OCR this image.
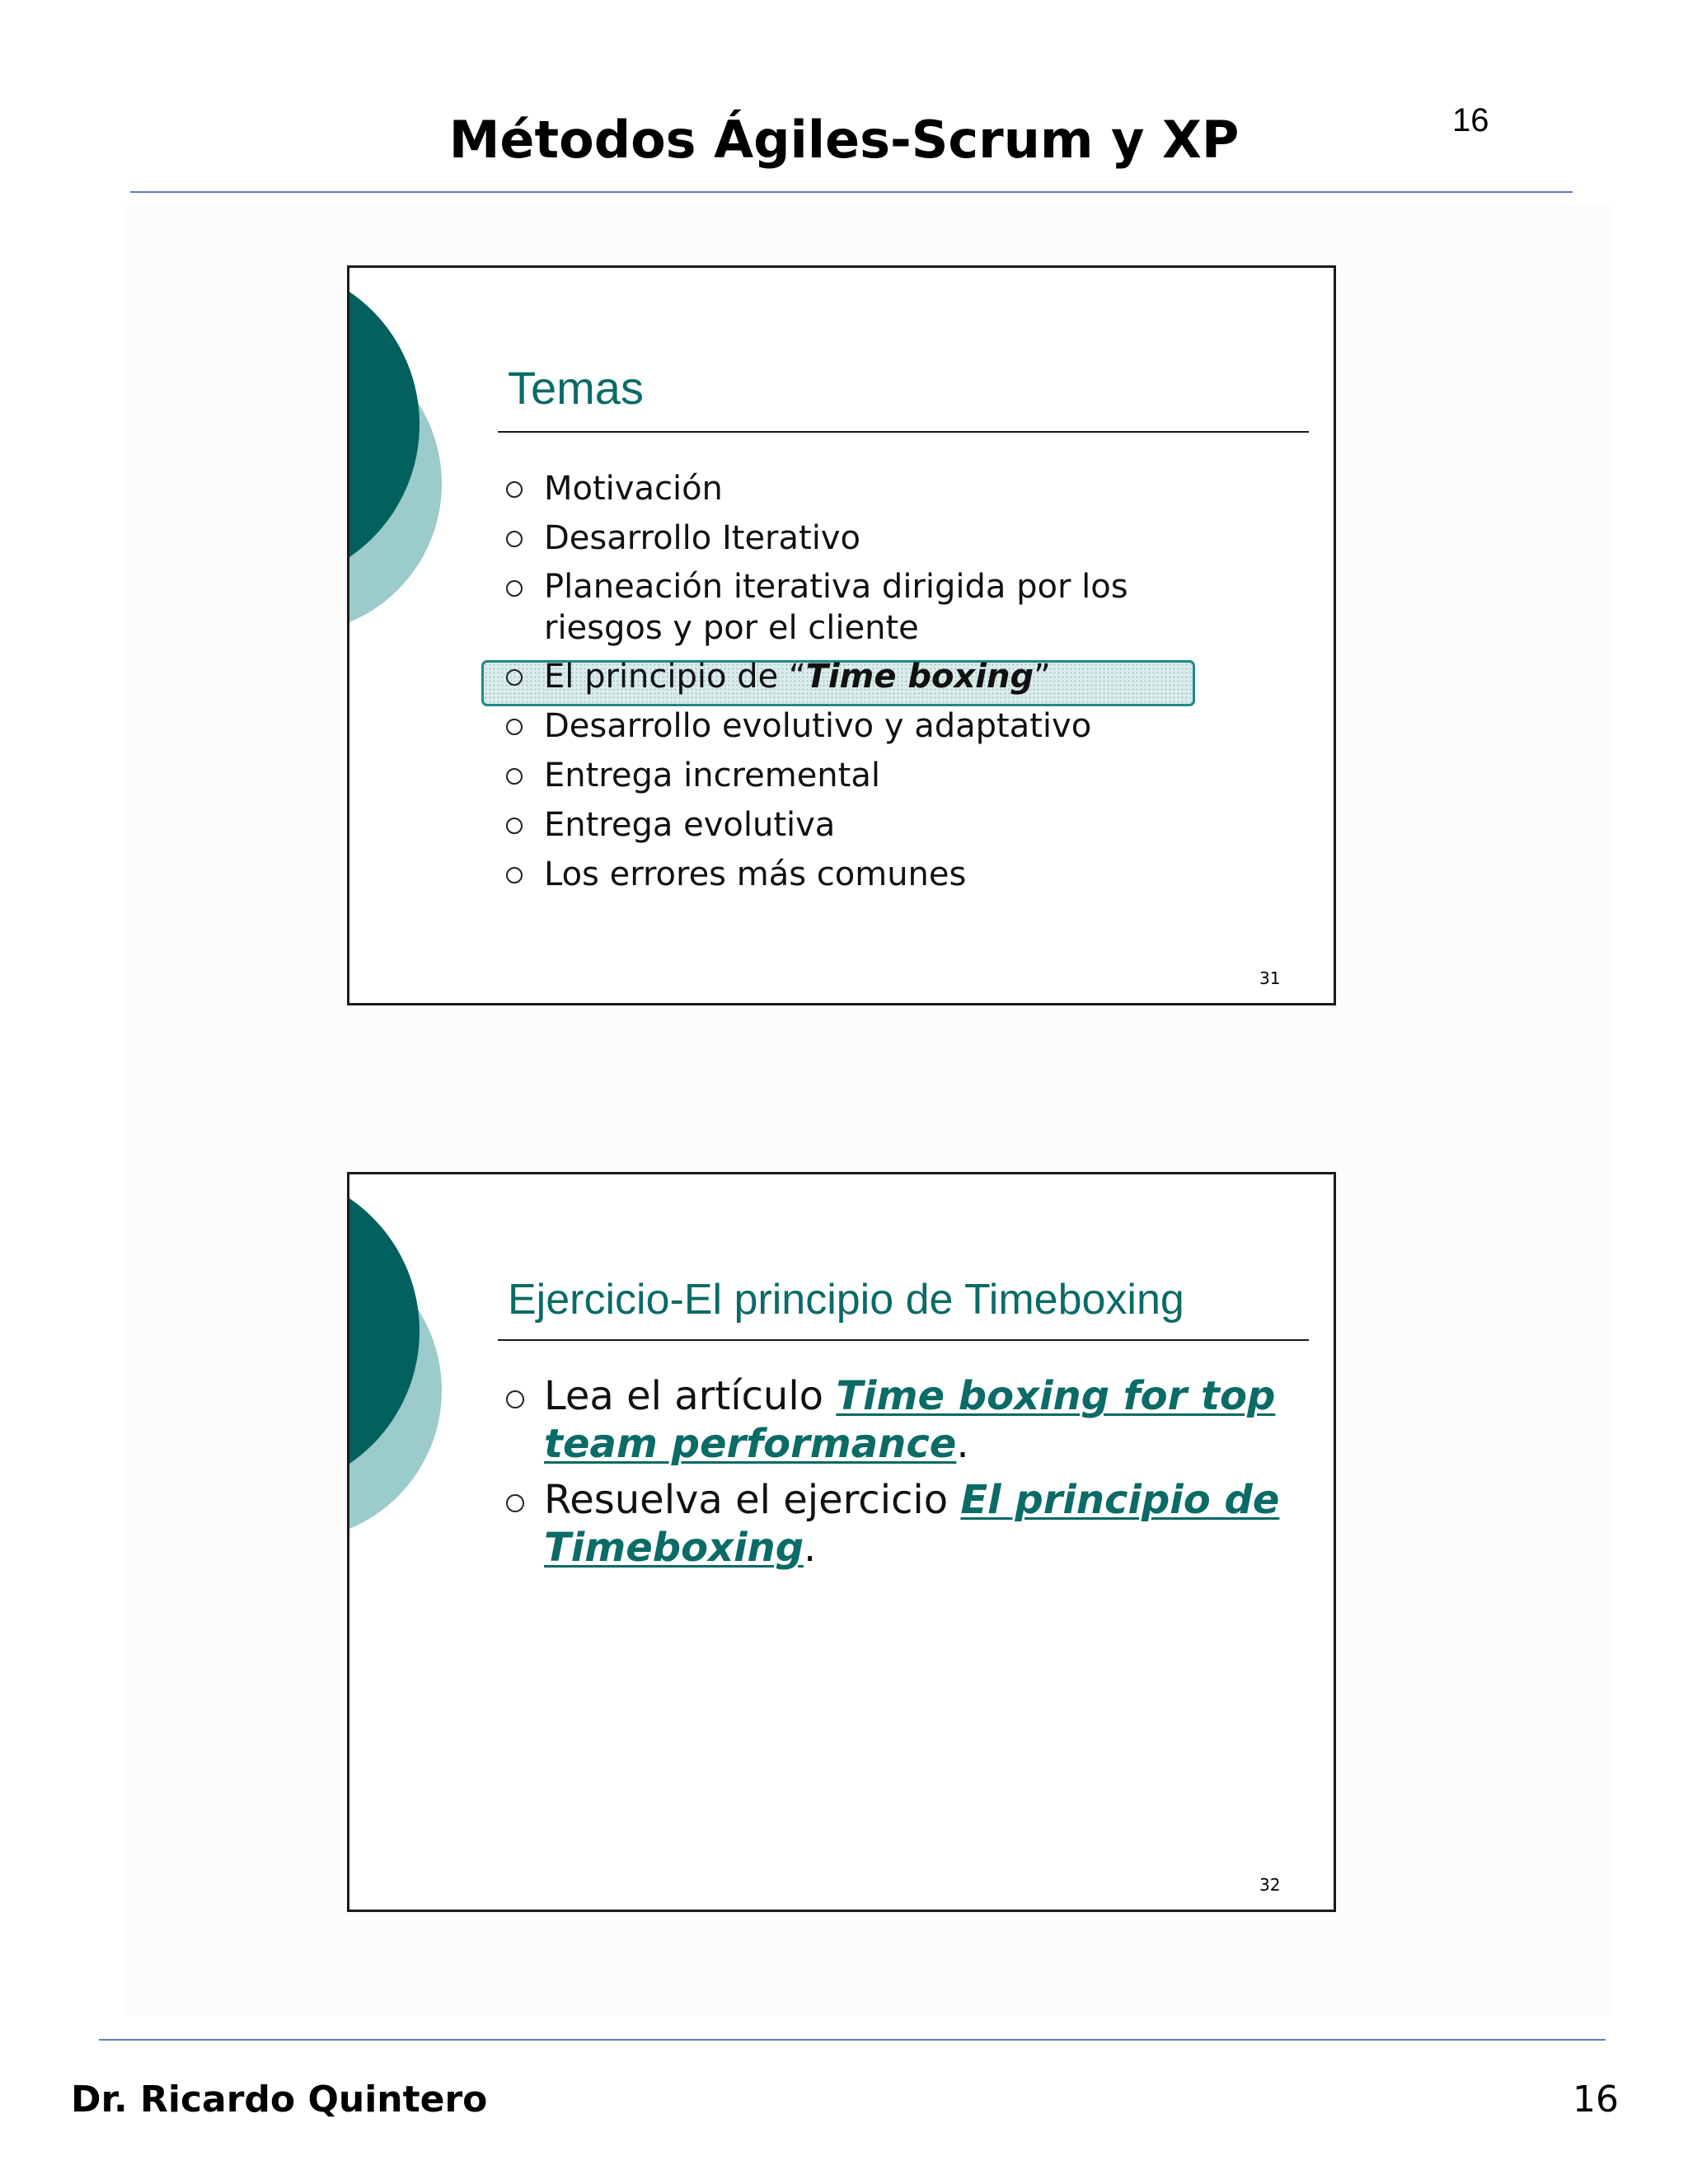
Métodos Ágiles-Scrum y XP	16
Temas
Motivación
Desarrollo Iterativo
Planeación iterativa dirigida por los
riesgos y por el cliente
El principio de “Time boxing”
Desarrollo evolutivo y adaptativo
Entrega incremental
Entrega evolutiva
Los errores más comunes
31
Ejercicio-El principio de Timeboxing
Lea el artículo Time boxing for top
team performance.
Resuelva el ejercicio El principio de
Timeboxing.
32
Dr. Ricardo Quintero	16
